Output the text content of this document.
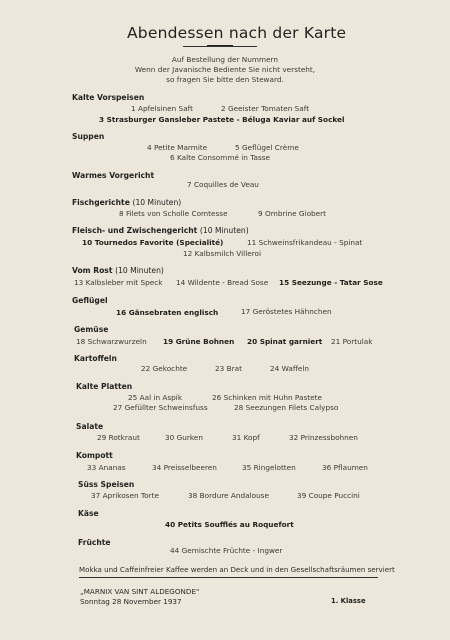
Abendessen nach der Karte
Auf Bestellung der Nummern
Wenn der Javanische Bediente Sie nicht versteht,
so fragen Sie bitte den Steward.
Kalte Vorspeisen
1 Apfelsinen Saft	2 Geeister Tomaten Saft
3 Strasburger Gansleber Pastete - Béluga Kaviar auf Sockel
Suppen
4 Petite Marmite	5 Geflügel Crème
6 Kalte Consommé in Tasse
Warmes Vorgericht
7 Coquilles de Veau
Fischgerichte (10 Minuten)
8 Filets von Scholle Comtesse	9 Ombrine Giobert
Fleisch- und Zwischengericht (10 Minuten)
10 Tournedos Favorite (Specialité)	11 Schweinsfrikandeau - Spinat
12 Kalbsmilch Villeroi
Vom Rost (10 Minuten)
13 Kalbsleber mit Speck 14 Wildente - Bread Sose 15 Seezunge - Tatar Sose
Geflügel
16 Gänsebraten englisch	17 Geröstetes Hähnchen
Gemüse
18 Schwarzwurzeln 19 Grüne Bohnen 20 Spinat garniert 21 Portulak
Kartoffeln
22 Gekochte	23 Brat	24 Waffeln
Kalte Platten
25 Aal in Aspik	26 Schinken mit Huhn Pastete
27 Gefüllter Schweinsfuss	28 Seezungen Filets Calypso
Salate
29 Rotkraut	30 Gurken	31 Kopf	32 Prinzessbohnen
Kompott
33 Ananas	34 Preisselbeeren	35 Ringelotten	36 Pflaumen
Süss Speisen
37 Aprikosen Torte	38 Bordure Andalouse	39 Coupe Puccini
Käse
40 Petits Soufflés au Roquefort
Früchte
44 Gemischte Früchte - Ingwer
Mokka und Caffeinfreier Kaffee werden an Deck und in den Gesellschaftsräumen serviert
„MARNIX VAN SINT ALDEGONDE"
Sonntag 28 November 1937	1. Klasse
